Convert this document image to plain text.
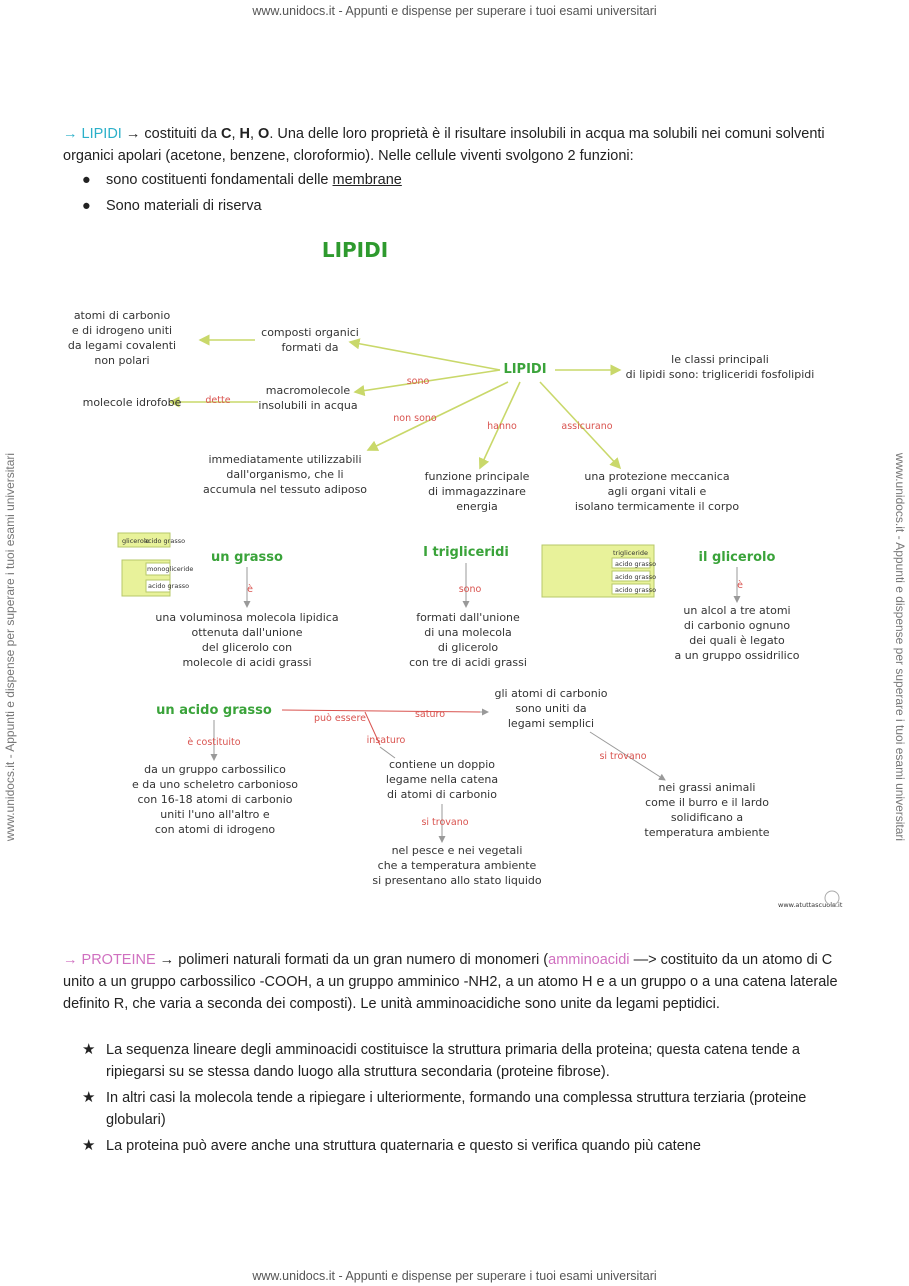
www.unidocs.it - Appunti e dispense per superare i tuoi esami universitari
www.unidocs.it - Appunti e dispense per superare i tuoi esami universitari	www.unidocs.it - Appunti e dispense per superare i tuoi esami universitari
→ LIPIDI → costituiti da C, H, O. Una delle loro proprietà è il risultare insolubili in acqua ma solubili nei comuni solventi organici apolari (acetone, benzene, cloroformio). Nelle cellule viventi svolgono 2 funzioni:
● sono costituenti fondamentali delle membrane
● Sono materiali di riserva
LIPIDI
atomi di carbonio
e di idrogeno uniti
da legami covalenti
non polari
composti organici
formati da
macromolecole
insolubili in acqua
molecole idrofobe	dette
sono
LIPIDI
le classi principali
di lipidi sono: trigliceridi fosfolipidi
non sono
hanno	assicurano
immediatamente utilizzabili
dall'organismo, che li
accumula nel tessuto adiposo
funzione principale
di immagazzinare
energia
una protezione meccanica
agli organi vitali e
isolano termicamente il corpo
glicerolo
acido grasso
monogliceride
acido grasso
un grasso
è
una voluminosa molecola lipidica
ottenuta dall'unione
del glicerolo con
molecole di acidi grassi
I trigliceridi
sono
formati dall'unione
di una molecola
di glicerolo
con tre di acidi grassi
trigliceride
acido grasso
acido grasso
acido grasso
il glicerolo
è
un alcol a tre atomi
di carbonio ognuno
dei quali è legato
a un gruppo ossidrilico
un acido grasso
può essere	saturo
insaturo
gli atomi di carbonio
sono uniti da
legami semplici
si trovano
è costituito
da un gruppo carbossilico
e da uno scheletro carbonioso
con 16-18 atomi di carbonio
uniti l'uno all'altro e
con atomi di idrogeno
contiene un doppio
legame nella catena
di atomi di carbonio
si trovano
nei grassi animali
come il burro e il lardo
solidificano a
temperatura ambiente
nel pesce e nei vegetali
che a temperatura ambiente
si presentano allo stato liquido
www.atuttascuola.it
→ PROTEINE → polimeri naturali formati da un gran numero di monomeri (amminoacidi —> costituito da un atomo di C unito a un gruppo carbossilico -COOH, a un gruppo amminico -NH2, a un atomo H e a un gruppo o a una catena laterale definito R, che varia a seconda dei composti). Le unità amminoacidiche sono unite da legami peptidici.
★ La sequenza lineare degli amminoacidi costituisce la struttura primaria della proteina; questa catena tende a ripiegarsi su se stessa dando luogo alla struttura secondaria (proteine fibrose).
★ In altri casi la molecola tende a ripiegare i ulteriormente, formando una complessa struttura terziaria (proteine globulari)
★ La proteina può avere anche una struttura quaternaria e questo si verifica quando più catene
www.unidocs.it - Appunti e dispense per superare i tuoi esami universitari
